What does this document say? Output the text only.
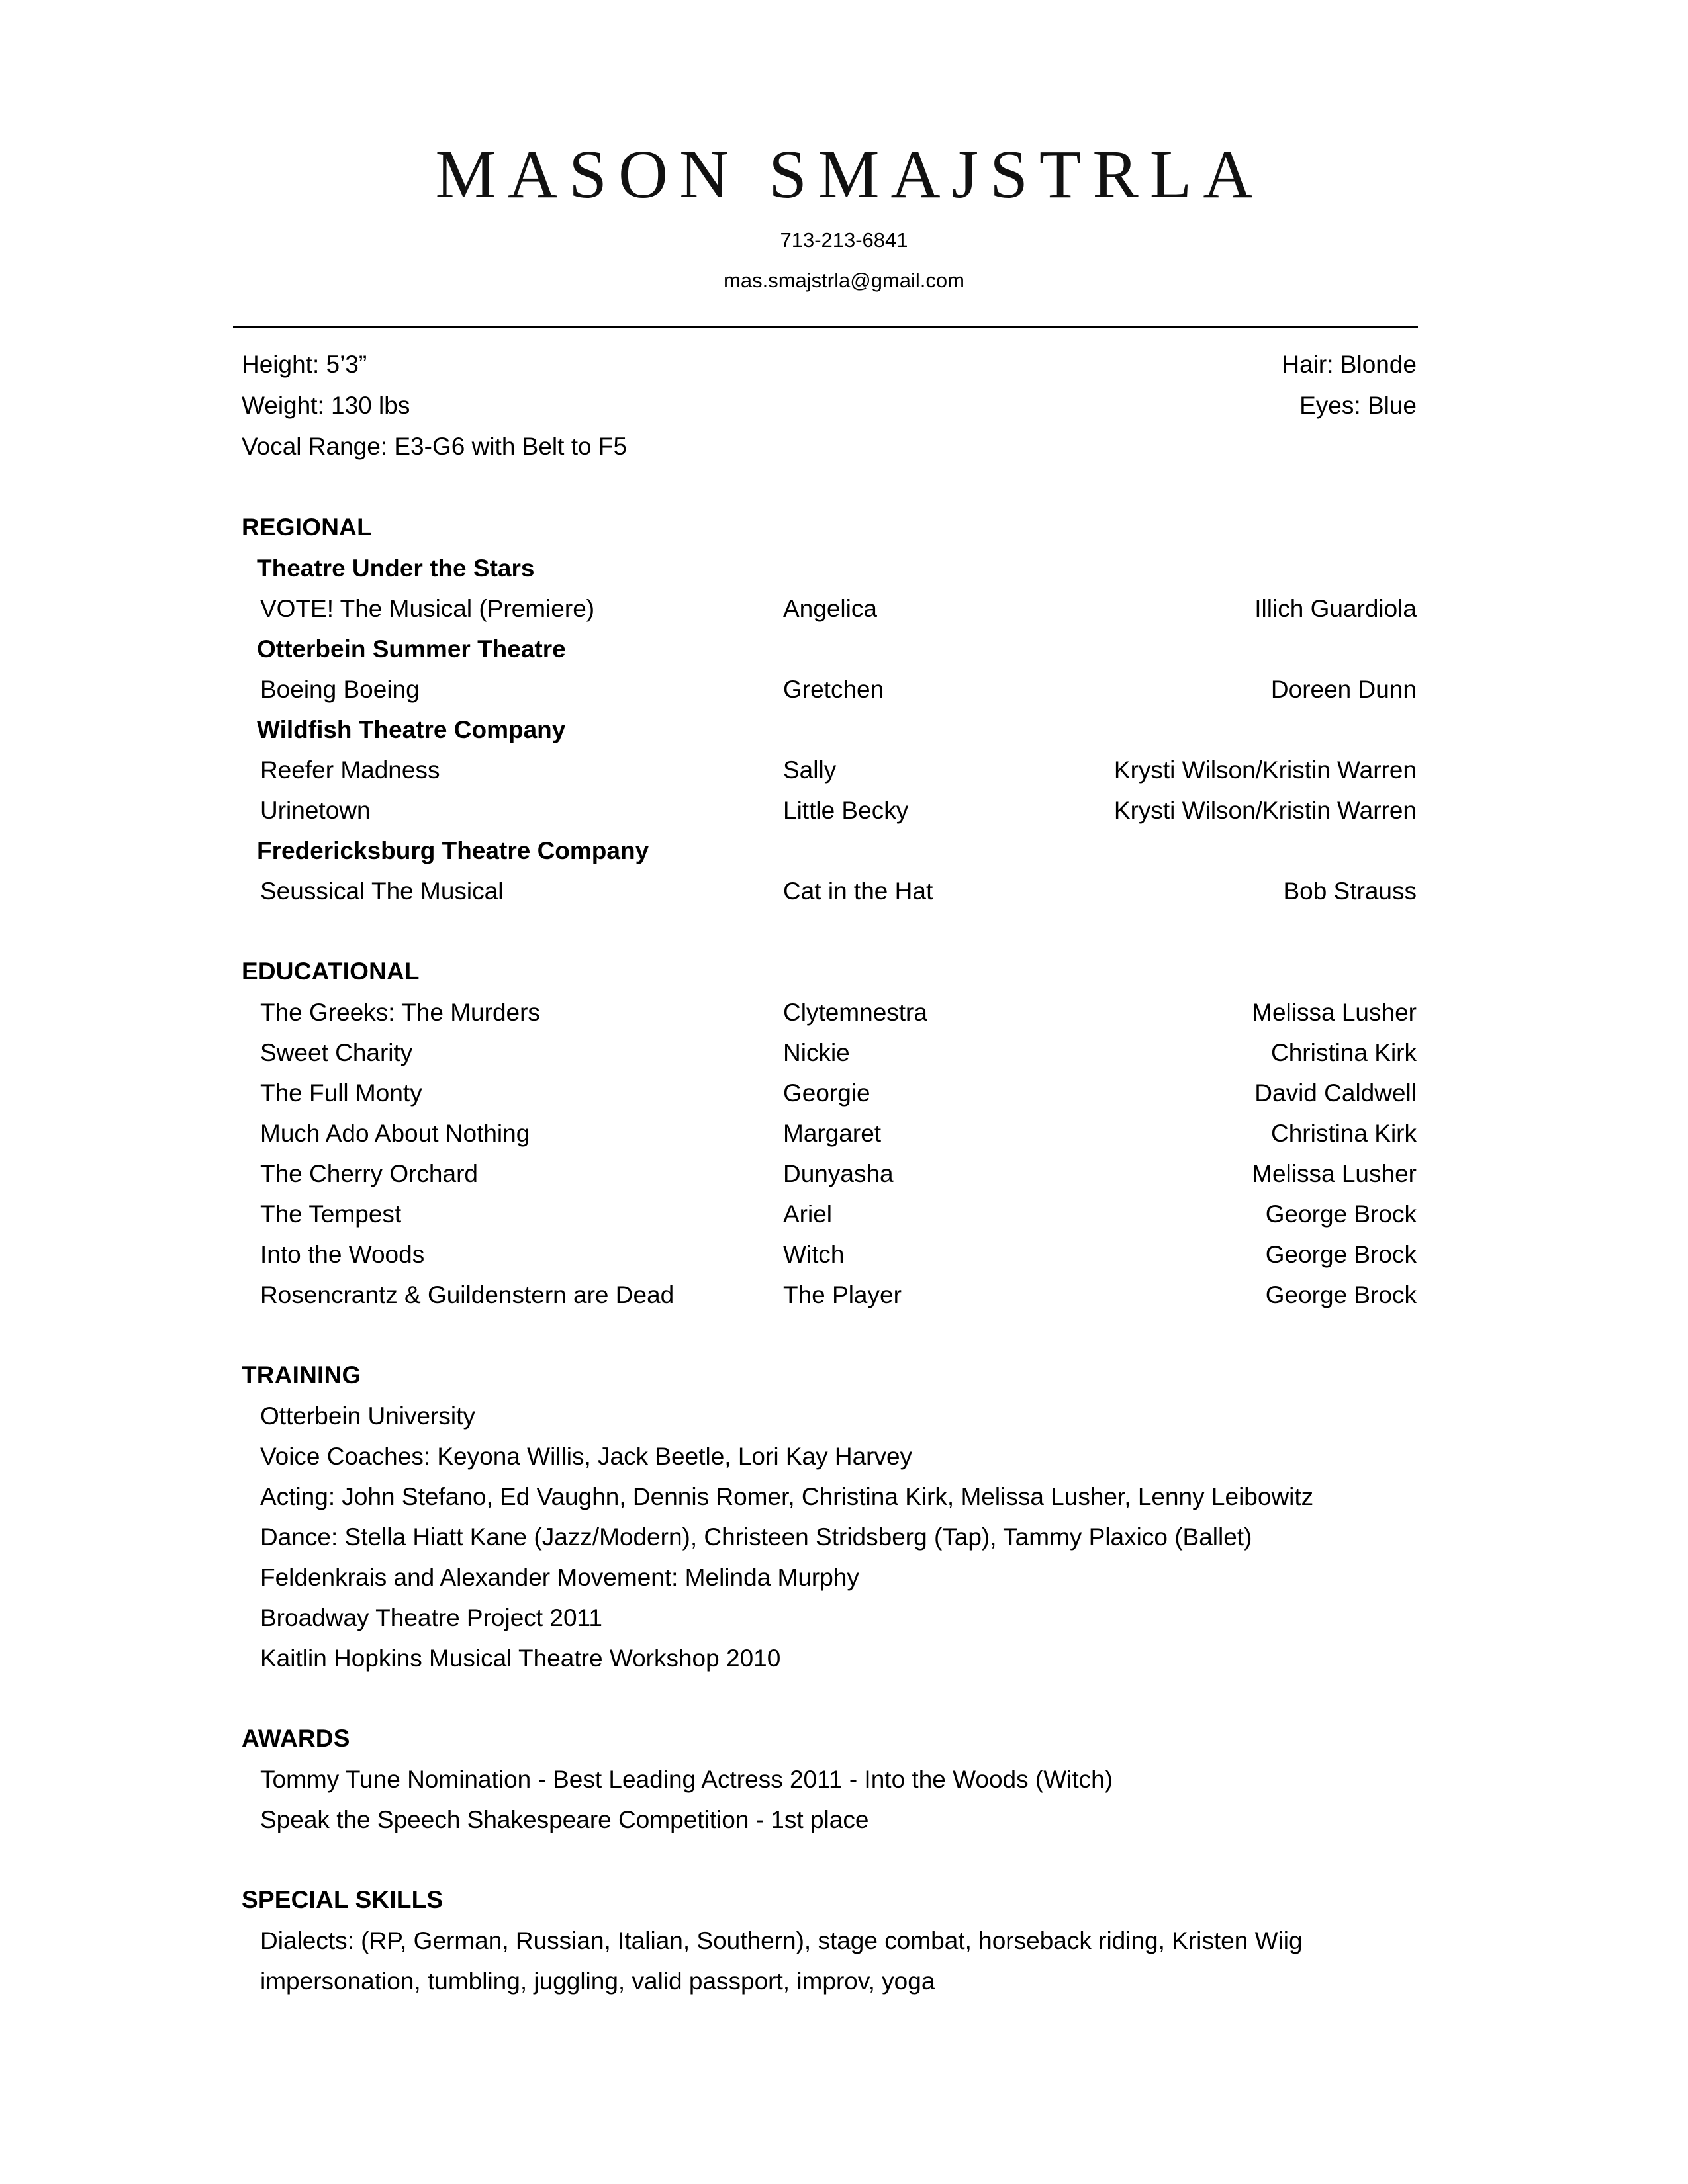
MASON SMAJSTRLA
713-213-6841
mas.smajstrla@gmail.com
Height: 5’3”	Hair: Blonde
Weight: 130 lbs	Eyes: Blue
Vocal Range: E3-G6 with Belt to F5
REGIONAL
Theatre Under the Stars
VOTE! The Musical (Premiere)	Angelica	Illich Guardiola
Otterbein Summer Theatre
Boeing Boeing	Gretchen	Doreen Dunn
Wildfish Theatre Company
Reefer Madness	Sally	Krysti Wilson/Kristin Warren
Urinetown	Little Becky	Krysti Wilson/Kristin Warren
Fredericksburg Theatre Company
Seussical The Musical	Cat in the Hat	Bob Strauss
EDUCATIONAL
The Greeks: The Murders	Clytemnestra	Melissa Lusher
Sweet Charity	Nickie	Christina Kirk
The Full Monty	Georgie	David Caldwell
Much Ado About Nothing	Margaret	Christina Kirk
The Cherry Orchard	Dunyasha	Melissa Lusher
The Tempest	Ariel	George Brock
Into the Woods	Witch	George Brock
Rosencrantz & Guildenstern are Dead	The Player	George Brock
TRAINING
Otterbein University
Voice Coaches: Keyona Willis, Jack Beetle, Lori Kay Harvey
Acting: John Stefano, Ed Vaughn, Dennis Romer, Christina Kirk, Melissa Lusher, Lenny Leibowitz
Dance: Stella Hiatt Kane (Jazz/Modern), Christeen Stridsberg (Tap), Tammy Plaxico (Ballet)
Feldenkrais and Alexander Movement: Melinda Murphy
Broadway Theatre Project 2011
Kaitlin Hopkins Musical Theatre Workshop 2010
AWARDS
Tommy Tune Nomination - Best Leading Actress 2011 - Into the Woods (Witch)
Speak the Speech Shakespeare Competition - 1st place
SPECIAL SKILLS
Dialects: (RP, German, Russian, Italian, Southern), stage combat, horseback riding, Kristen Wiig impersonation, tumbling, juggling, valid passport, improv, yoga
